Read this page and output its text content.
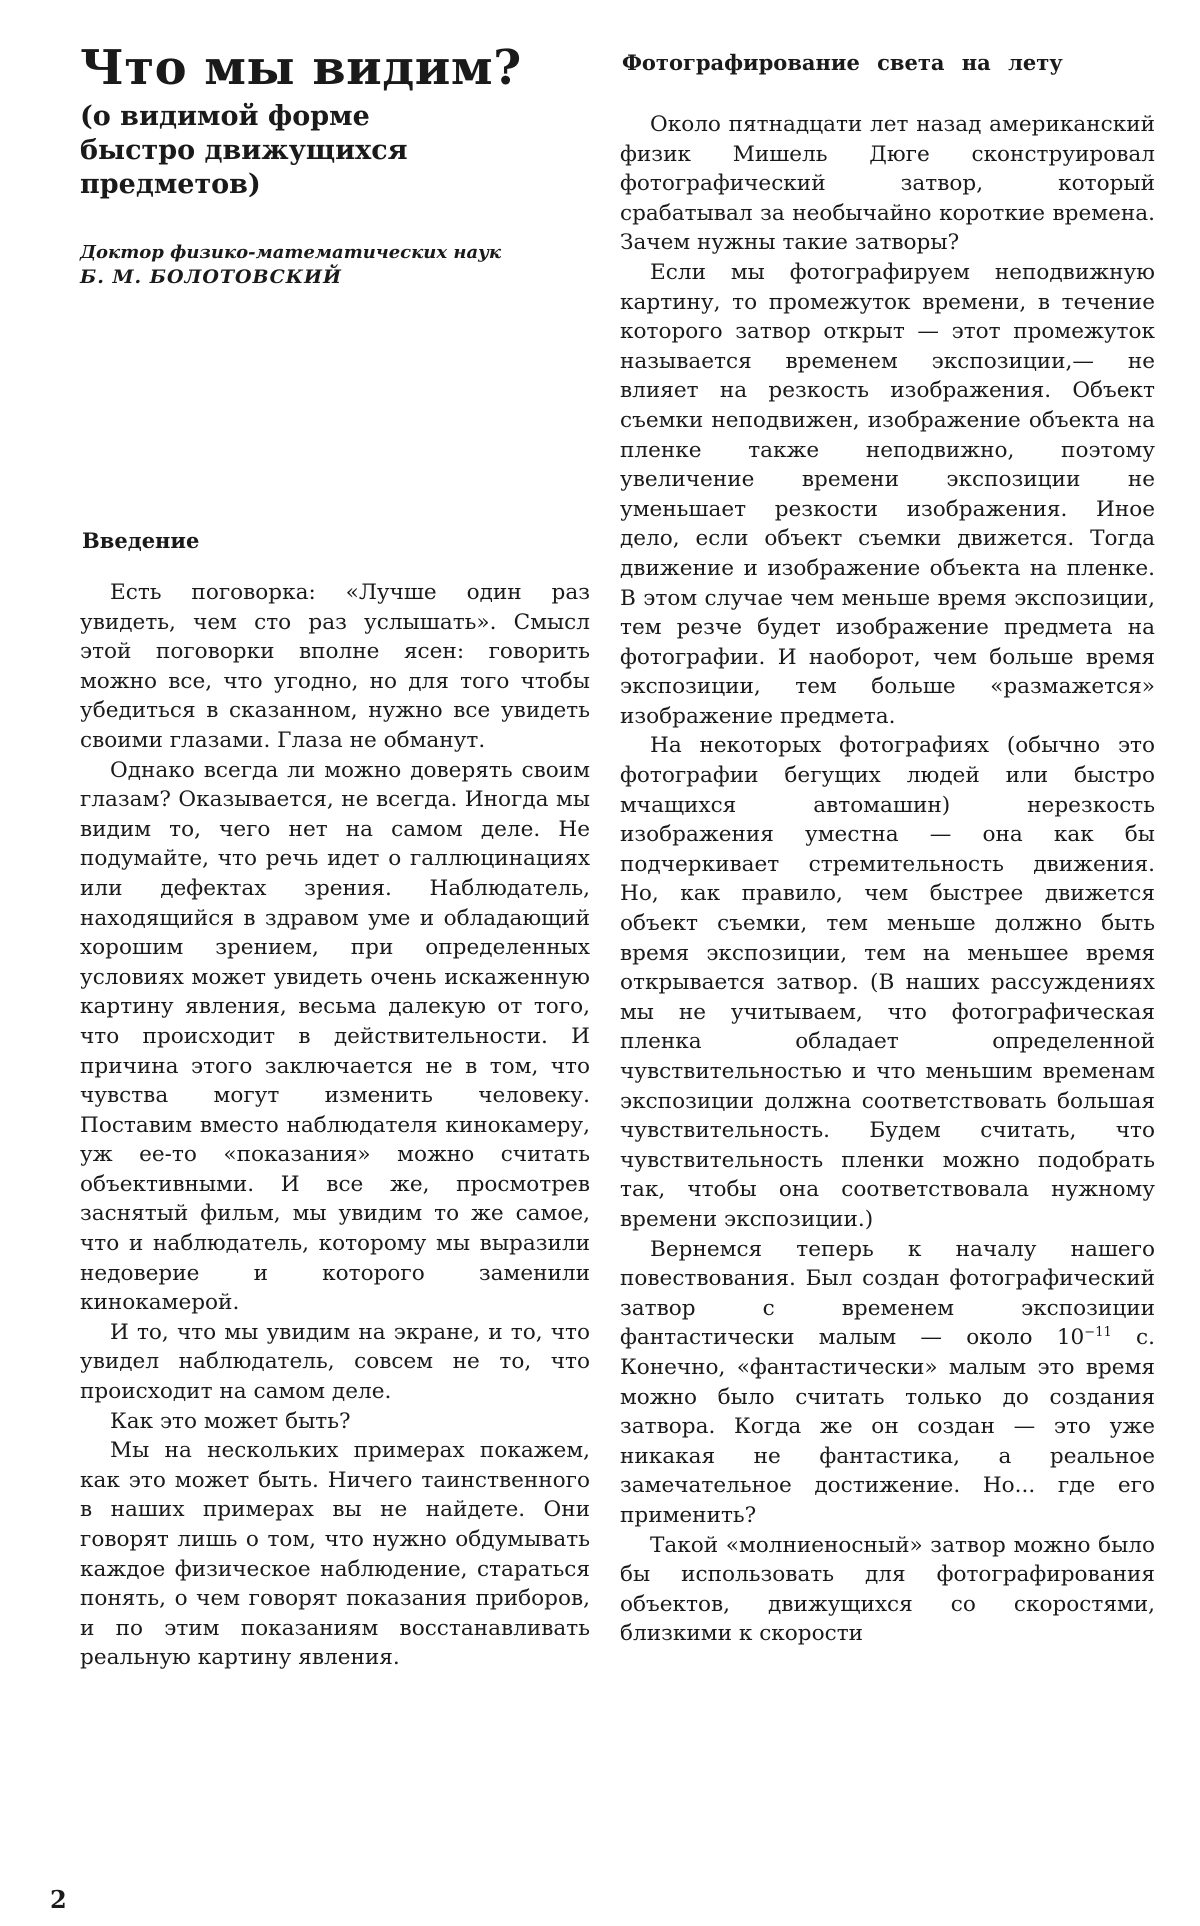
Что мы видим?
(о видимой форме быстро движущихся предметов)

Доктор физико-математических наук

Б. М. БОЛОТОВСКИЙ

Введение

Есть поговорка: «Лучше один раз увидеть, чем сто раз услышать». Смысл этой поговорки вполне ясен: говорить можно все, что угодно, но для того чтобы убедиться в сказанном, нужно все увидеть своими глазами. Глаза не обманут.

Однако всегда ли можно доверять своим глазам? Оказывается, не всегда. Иногда мы видим то, чего нет на самом деле. Не подумайте, что речь идет о галлюцинациях или дефектах зрения. Наблюдатель, находящийся в здравом уме и обладающий хорошим зрением, при определенных условиях может увидеть очень искаженную картину явления, весьма далекую от того, что происходит в действительности. И причина этого заключается не в том, что чувства могут изменить человеку. Поставим вместо наблюдателя кинокамеру, уж ее-то «показания» можно считать объективными. И все же, просмотрев заснятый фильм, мы увидим то же самое, что и наблюдатель, которому мы выразили недоверие и которого заменили кинокамерой.

И то, что мы увидим на экране, и то, что увидел наблюдатель, совсем не то, что происходит на самом деле.

Как это может быть?

Мы на нескольких примерах покажем, как это может быть. Ничего таинственного в наших примерах вы не найдете. Они говорят лишь о том, что нужно обдумывать каждое физическое наблюдение, стараться понять, о чем говорят показания приборов, и по этим показаниям восстанавливать реальную картину явления.

Фотографирование света на лету

Около пятнадцати лет назад американский физик Мишель Дюге сконструировал фотографический затвор, который срабатывал за необычайно короткие времена. Зачем нужны такие затворы?

Если мы фотографируем неподвижную картину, то промежуток времени, в течение которого затвор открыт — этот промежуток называется временем экспозиции,— не влияет на резкость изображения. Объект съемки неподвижен, изображение объекта на пленке также неподвижно, поэтому увеличение времени экспозиции не уменьшает резкости изображения. Иное дело, если объект съемки движется. Тогда движение и изображение объекта на пленке. В этом случае чем меньше время экспозиции, тем резче будет изображение предмета на фотографии. И наоборот, чем больше время экспозиции, тем больше «размажется» изображение предмета.

На некоторых фотографиях (обычно это фотографии бегущих людей или быстро мчащихся автомашин) нерезкость изображения уместна — она как бы подчеркивает стремительность движения. Но, как правило, чем быстрее движется объект съемки, тем меньше должно быть время экспозиции, тем на меньшее время открывается затвор. (В наших рассуждениях мы не учитываем, что фотографическая пленка обладает определенной чувствительностью и что меньшим временам экспозиции должна соответствовать большая чувствительность. Будем считать, что чувствительность пленки можно подобрать так, чтобы она соответствовала нужному времени экспозиции.)

Вернемся теперь к началу нашего повествования. Был создан фотографический затвор с временем экспозиции фантастически малым — около $10^{-11}$ с. Конечно, «фантастически» малым это время можно было считать только до создания затвора. Когда же он создан — это уже никакая не фантастика, а реальное замечательное достижение. Но... где его применить?

Такой «молниеносный» затвор можно было бы использовать для фотографирования объектов, движущихся со скоростями, близкими к скорости

2
